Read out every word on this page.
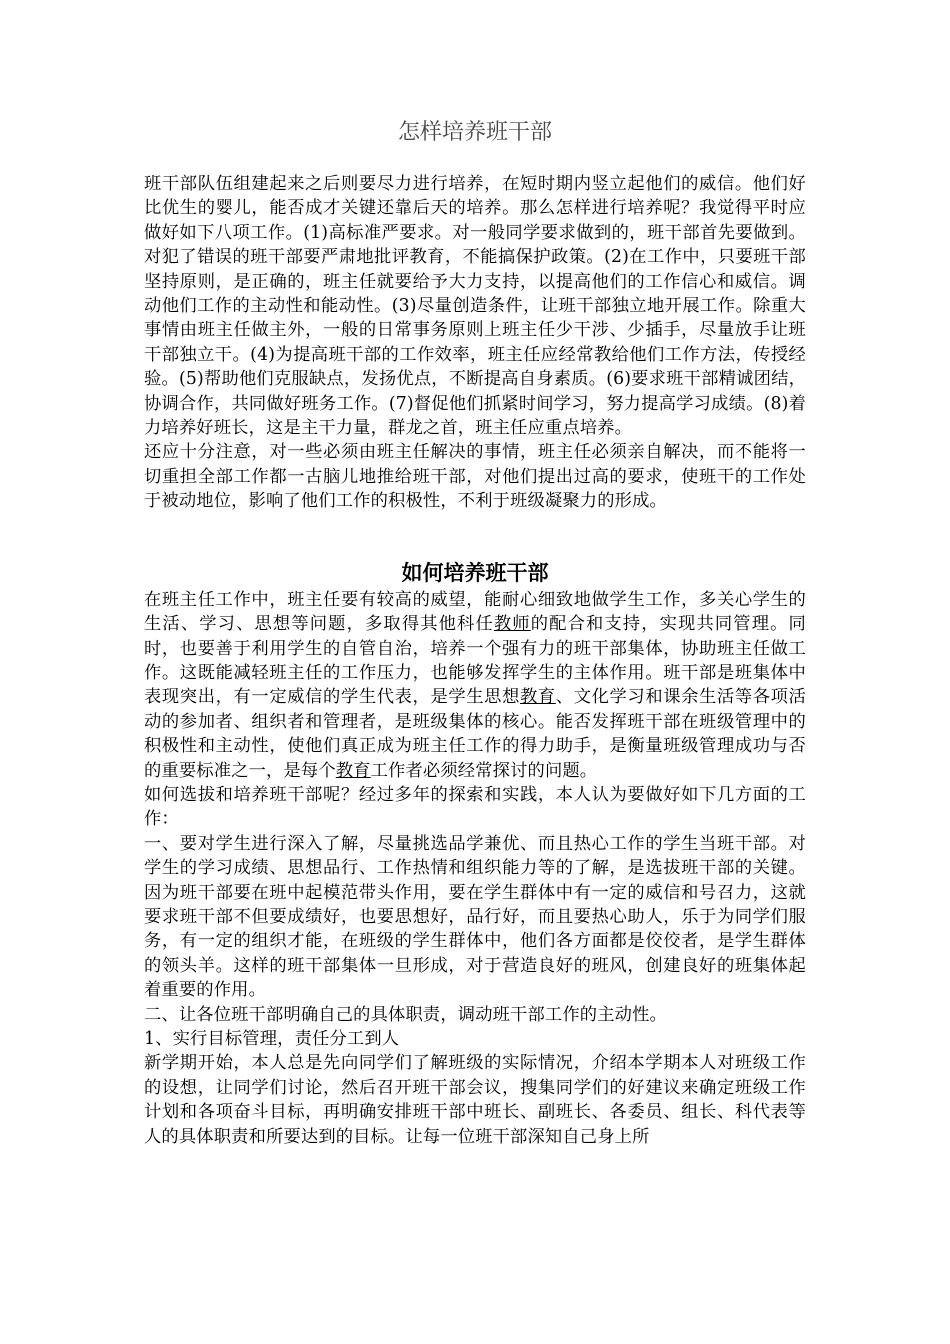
怎样培养班干部

班干部队伍组建起来之后则要尽力进行培养，在短时期内竖立起他们的威信。他们好比优生的婴儿，能否成才关键还靠后天的培养。那么怎样进行培养呢？我觉得平时应做好如下八项工作。(1)高标准严要求。对一般同学要求做到的，班干部首先要做到。对犯了错误的班干部要严肃地批评教育，不能搞保护政策。(2)在工作中，只要班干部坚持原则，是正确的，班主任就要给予大力支持，以提高他们的工作信心和威信。调动他们工作的主动性和能动性。(3)尽量创造条件，让班干部独立地开展工作。除重大事情由班主任做主外，一般的日常事务原则上班主任少干涉、少插手，尽量放手让班干部独立干。(4)为提高班干部的工作效率，班主任应经常教给他们工作方法，传授经验。(5)帮助他们克服缺点，发扬优点，不断提高自身素质。(6)要求班干部精诚团结，协调合作，共同做好班务工作。(7)督促他们抓紧时间学习，努力提高学习成绩。(8)着力培养好班长，这是主干力量，群龙之首，班主任应重点培养。

还应十分注意，对一些必须由班主任解决的事情，班主任必须亲自解决，而不能将一切重担全部工作都一古脑儿地推给班干部，对他们提出过高的要求，使班干的工作处于被动地位，影响了他们工作的积极性，不利于班级凝聚力的形成。

如何培养班干部

在班主任工作中，班主任要有较高的威望，能耐心细致地做学生工作，多关心学生的生活、学习、思想等问题，多取得其他科任教师的配合和支持，实现共同管理。同时，也要善于利用学生的自管自治，培养一个强有力的班干部集体，协助班主任做工作。这既能减轻班主任的工作压力，也能够发挥学生的主体作用。班干部是班集体中表现突出，有一定威信的学生代表，是学生思想教育、文化学习和课余生活等各项活动的参加者、组织者和管理者，是班级集体的核心。能否发挥班干部在班级管理中的积极性和主动性，使他们真正成为班主任工作的得力助手，是衡量班级管理成功与否的重要标准之一，是每个教育工作者必须经常探讨的问题。

如何选拔和培养班干部呢？经过多年的探索和实践，本人认为要做好如下几方面的工作：

一、要对学生进行深入了解，尽量挑选品学兼优、而且热心工作的学生当班干部。对学生的学习成绩、思想品行、工作热情和组织能力等的了解，是选拔班干部的关键。因为班干部要在班中起模范带头作用，要在学生群体中有一定的威信和号召力，这就要求班干部不但要成绩好，也要思想好，品行好，而且要热心助人，乐于为同学们服务，有一定的组织才能，在班级的学生群体中，他们各方面都是佼佼者，是学生群体的领头羊。这样的班干部集体一旦形成，对于营造良好的班风，创建良好的班集体起着重要的作用。

二、让各位班干部明确自己的具体职责，调动班干部工作的主动性。

1、实行目标管理，责任分工到人

新学期开始，本人总是先向同学们了解班级的实际情况，介绍本学期本人对班级工作的设想，让同学们讨论，然后召开班干部会议，搜集同学们的好建议来确定班级工作计划和各项奋斗目标，再明确安排班干部中班长、副班长、各委员、组长、科代表等人的具体职责和所要达到的目标。让每一位班干部深知自己身上所
